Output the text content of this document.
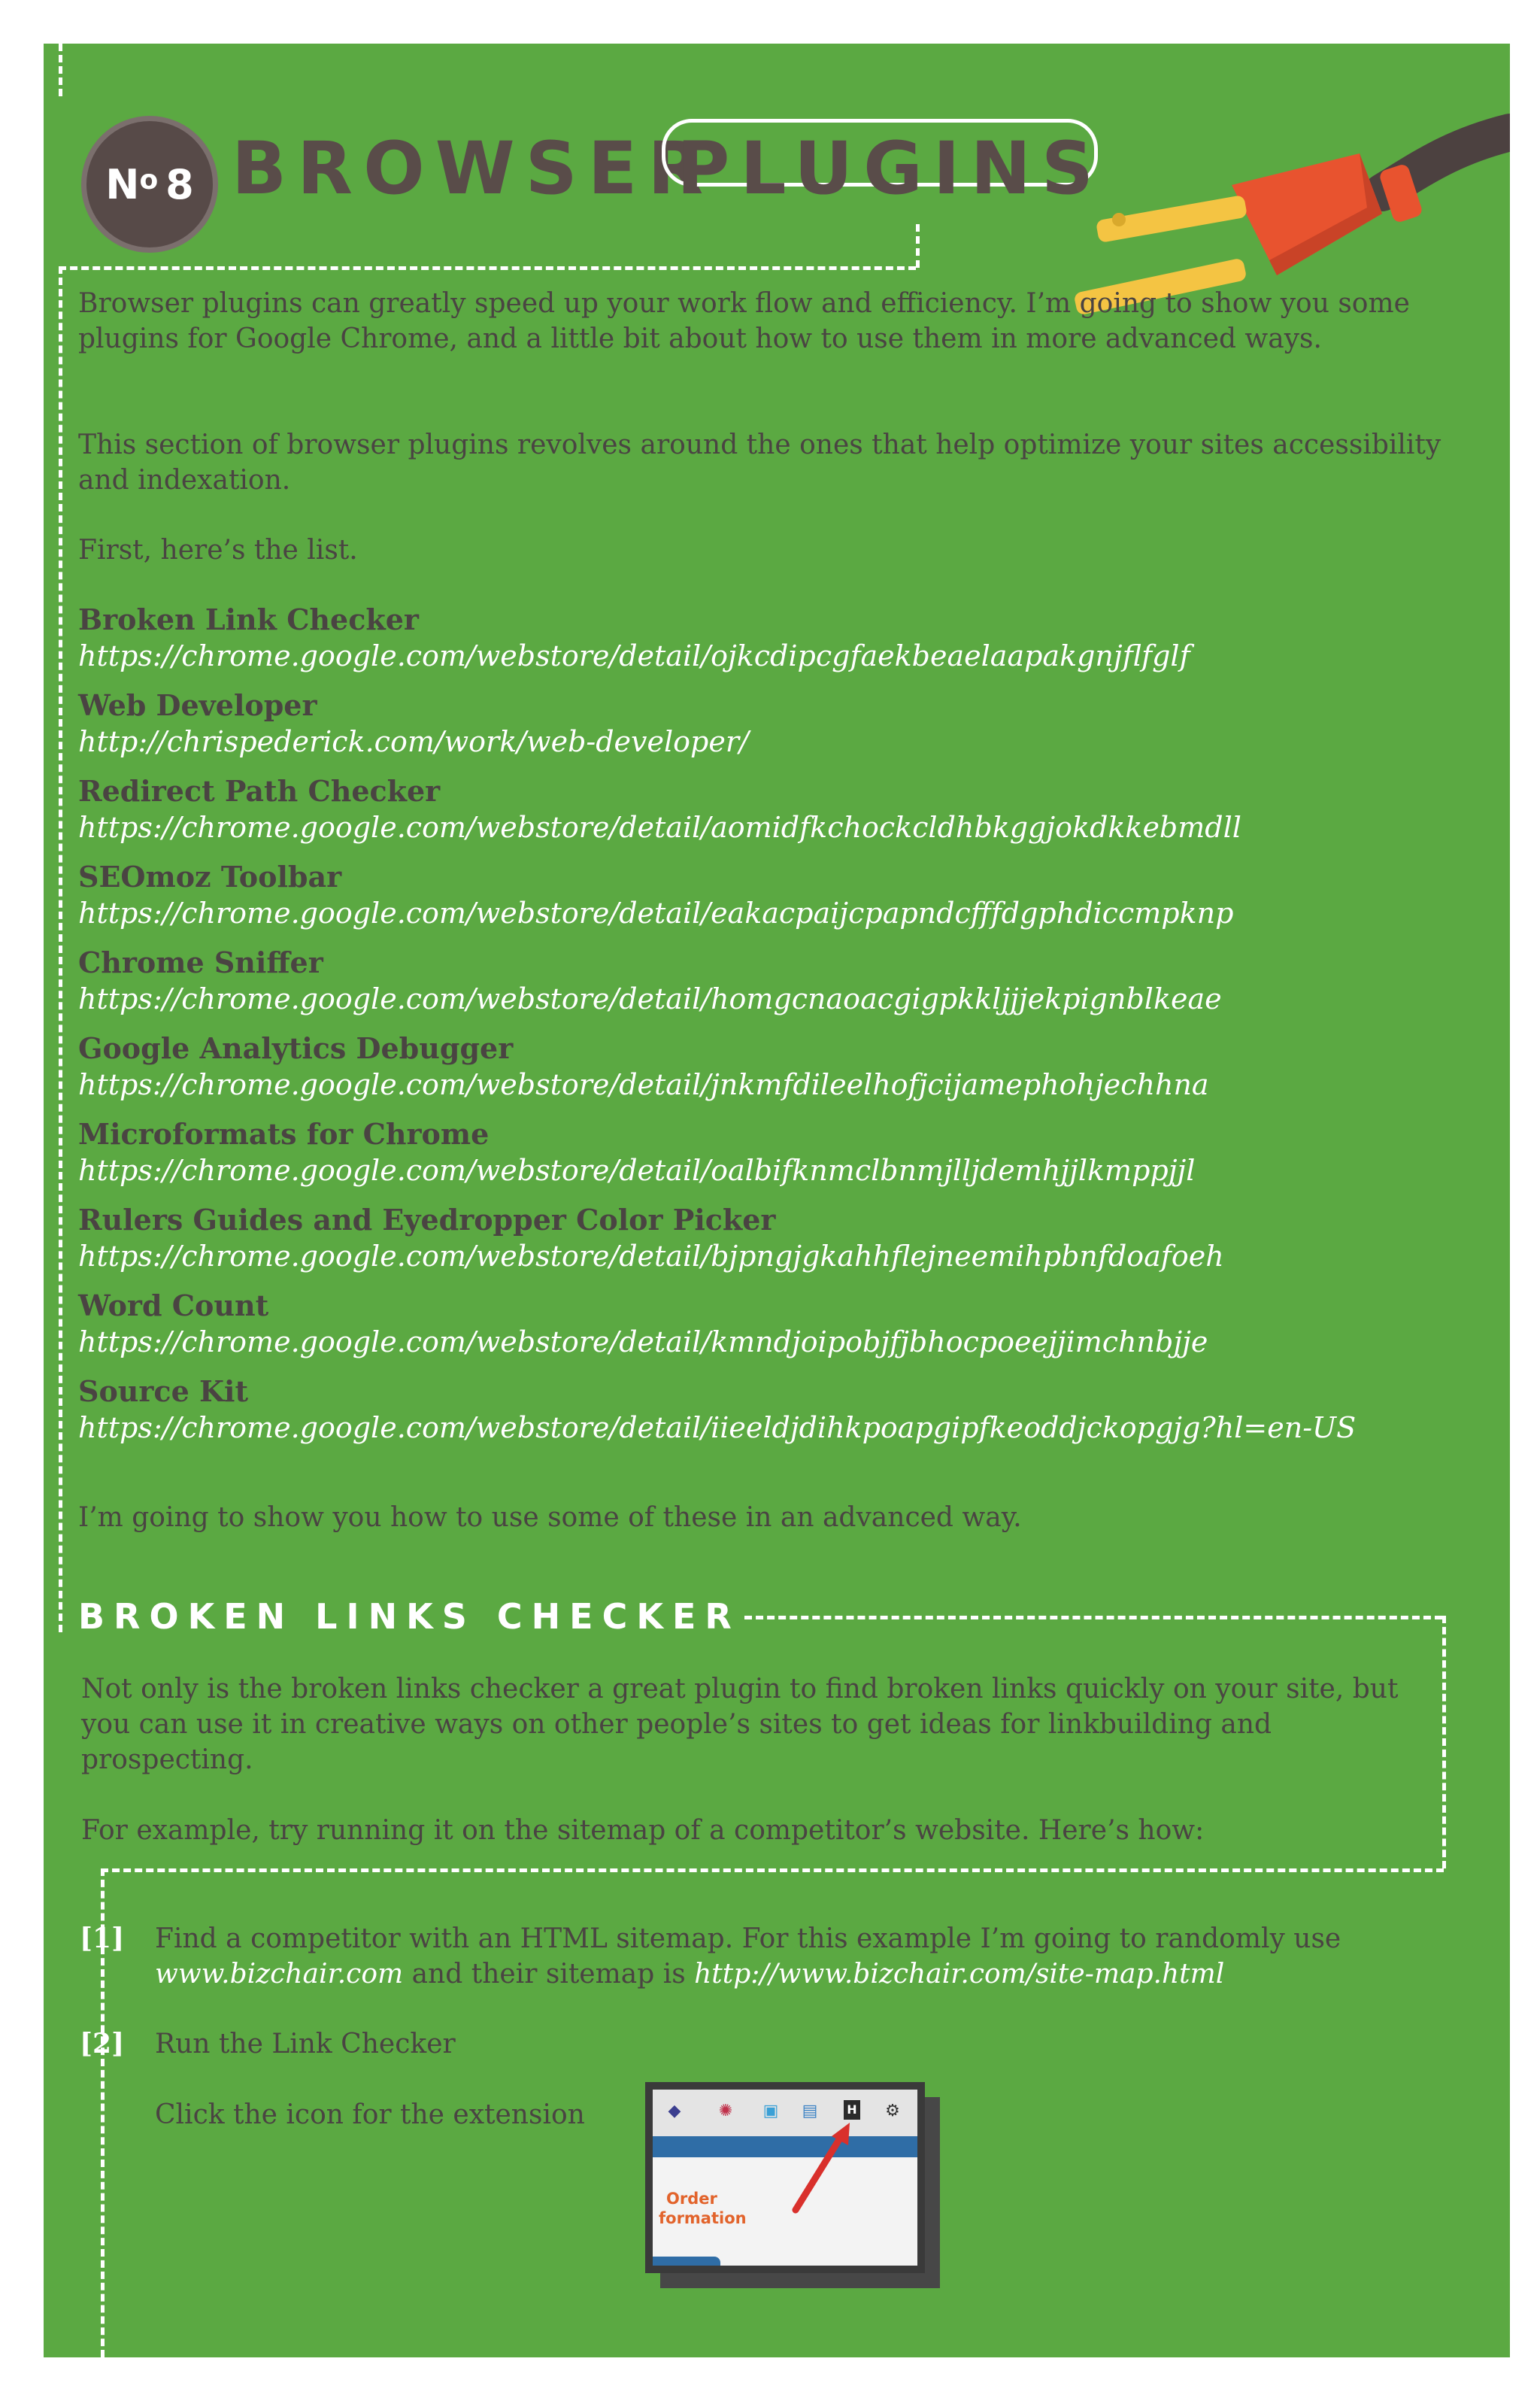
$N^o$ 8 BROWSER
PLUGINS

Browser plugins can greatly speed up your work flow and efficiency. I’m going to show you some plugins for Google Chrome, and a little bit about how to use them in more advanced ways.

This section of browser plugins revolves around the ones that help optimize your sites accessibility and indexation.

First, here’s the list.

Broken Link Checker
https://chrome.google.com/webstore/detail/ojkcdipcgfaekbeaelaapakgnjflfglf
Web Developer
http://chrispederick.com/work/web-developer/
Redirect Path Checker
https://chrome.google.com/webstore/detail/aomidfkchockcldhbkggjokdkkebmdll
SEOmoz Toolbar
https://chrome.google.com/webstore/detail/eakacpaijcpapndcfffdgphdiccmpknp
Chrome Sniffer
https://chrome.google.com/webstore/detail/homgcnaoacgigpkkljjjekpignblkeae
Google Analytics Debugger
https://chrome.google.com/webstore/detail/jnkmfdileelhofjcijamephohjechhna
Microformats for Chrome
https://chrome.google.com/webstore/detail/oalbifknmclbnmjlljdemhjjlkmppjjl
Rulers Guides and Eyedropper Color Picker
https://chrome.google.com/webstore/detail/bjpngjgkahhflejneemihpbnfdoafoeh
Word Count
https://chrome.google.com/webstore/detail/kmndjoipobjfjbhocpoeejjimchnbjje
Source Kit
https://chrome.google.com/webstore/detail/iieeldjdihkpoapgipfkeoddjckopgjg?hl=en-US

I’m going to show you how to use some of these in an advanced way.

BROKEN LINKS CHECKER

Not only is the broken links checker a great plugin to find broken links quickly on your site, but you can use it in creative ways on other people’s sites to get ideas for linkbuilding and prospecting.

For example, try running it on the sitemap of a competitor’s website. Here’s how:

[1] Find a competitor with an HTML sitemap. For this example I’m going to randomly use www.bizchair.com and their sitemap is http://www.bizchair.com/site-map.html

[2] Run the Link Checker

Click the icon for the extension	◆ ✺ ▣ ▤ H ⚙
Order
formation
